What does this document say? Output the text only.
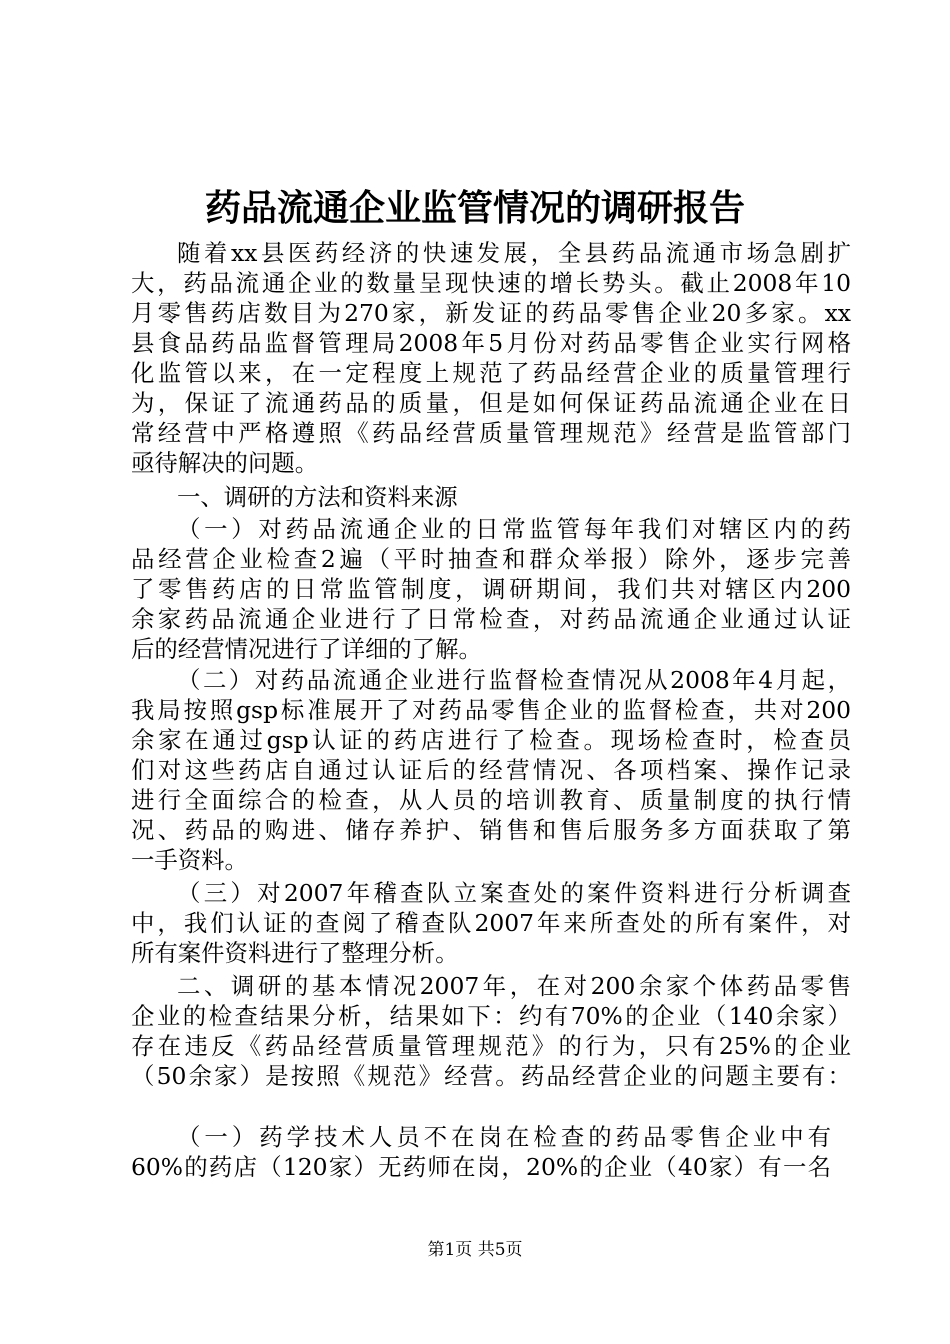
药品流通企业监管情况的调研报告
随着xx县医药经济的快速发展，全县药品流通市场急剧扩
大，药品流通企业的数量呈现快速的增长势头。截止2008年10
月零售药店数目为270家，新发证的药品零售企业20多家。xx
县食品药品监督管理局2008年5月份对药品零售企业实行网格
化监管以来，在一定程度上规范了药品经营企业的质量管理行
为，保证了流通药品的质量，但是如何保证药品流通企业在日
常经营中严格遵照《药品经营质量管理规范》经营是监管部门
亟待解决的问题。
一、调研的方法和资料来源
（一）对药品流通企业的日常监管每年我们对辖区内的药
品经营企业检查2遍（平时抽查和群众举报）除外，逐步完善
了零售药店的日常监管制度，调研期间，我们共对辖区内200
余家药品流通企业进行了日常检查，对药品流通企业通过认证
后的经营情况进行了详细的了解。
（二）对药品流通企业进行监督检查情况从2008年4月起，
我局按照gsp标准展开了对药品零售企业的监督检查，共对200
余家在通过gsp认证的药店进行了检查。现场检查时，检查员
们对这些药店自通过认证后的经营情况、各项档案、操作记录
进行全面综合的检查，从人员的培训教育、质量制度的执行情
况、药品的购进、储存养护、销售和售后服务多方面获取了第
一手资料。
（三）对2007年稽查队立案查处的案件资料进行分析调查
中，我们认证的查阅了稽查队2007年来所查处的所有案件，对
所有案件资料进行了整理分析。
二、调研的基本情况2007年，在对200余家个体药品零售
企业的检查结果分析，结果如下：约有70%的企业（140余家）
存在违反《药品经营质量管理规范》的行为，只有25%的企业
（50余家）是按照《规范》经营。药品经营企业的问题主要有：
（一）药学技术人员不在岗在检查的药品零售企业中有
60%的药店（120家）无药师在岗，20%的企业（40家）有一名
第1页 共5页
